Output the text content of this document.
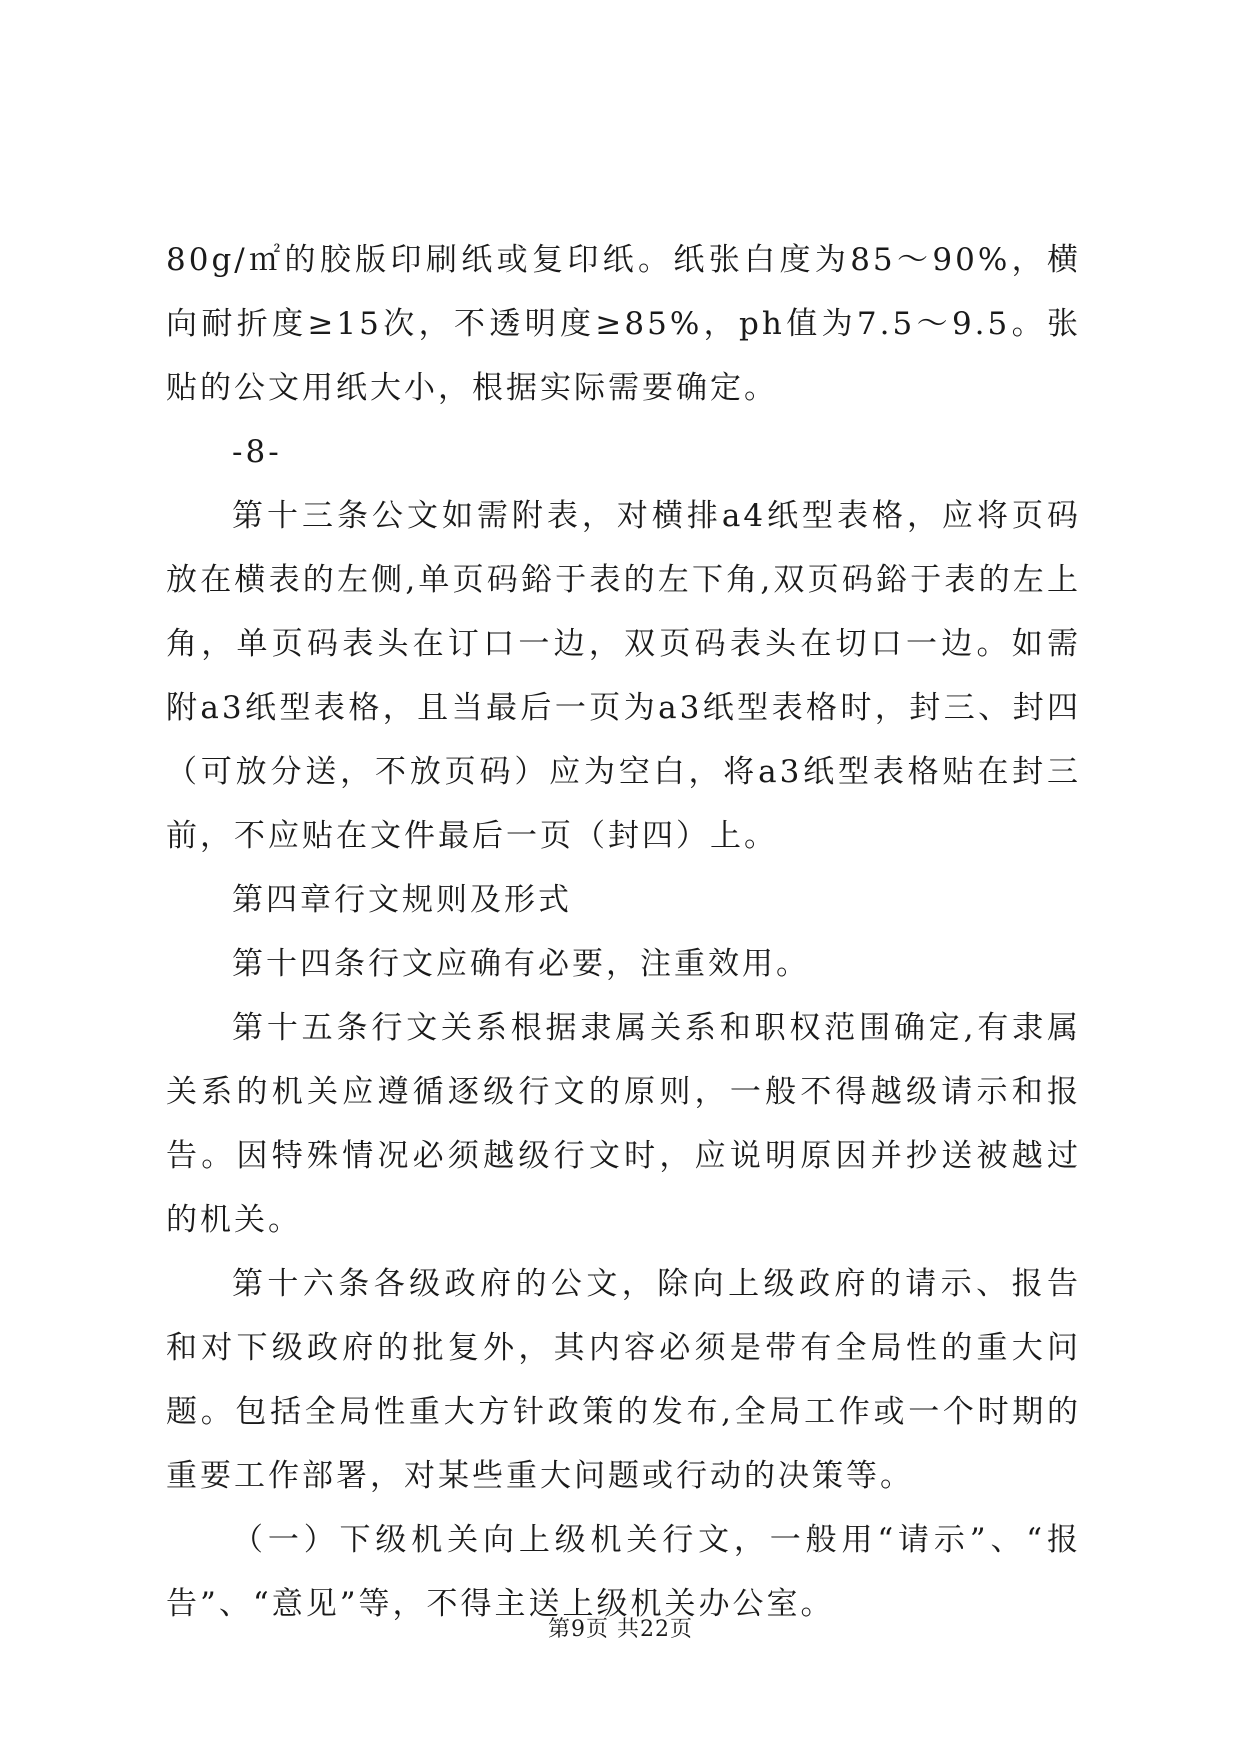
80g/㎡的胶版印刷纸或复印纸。纸张白度为85～90%，横向耐折度≥15次，不透明度≥85%，ph值为7.5～9.5。张贴的公文用纸大小，根据实际需要确定。

-8-

第十三条公文如需附表，对横排a4纸型表格，应将页码放在横表的左侧,单页码鋊于表的左下角,双页码鋊于表的左上角，单页码表头在订口一边，双页码表头在切口一边。如需附a3纸型表格，且当最后一页为a3纸型表格时，封三、封四（可放分送，不放页码）应为空白，将a3纸型表格贴在封三前，不应贴在文件最后一页（封四）上。

第四章行文规则及形式

第十四条行文应确有必要，注重效用。

第十五条行文关系根据隶属关系和职权范围确定,有隶属关系的机关应遵循逐级行文的原则，一般不得越级请示和报告。因特殊情况必须越级行文时，应说明原因并抄送被越过的机关。

第十六条各级政府的公文，除向上级政府的请示、报告和对下级政府的批复外，其内容必须是带有全局性的重大问题。包括全局性重大方针政策的发布,全局工作或一个时期的重要工作部署，对某些重大问题或行动的决策等。

（一）下级机关向上级机关行文，一般用“请示”、“报告”、“意见”等，不得主送上级机关办公室。

第9页 共22页
